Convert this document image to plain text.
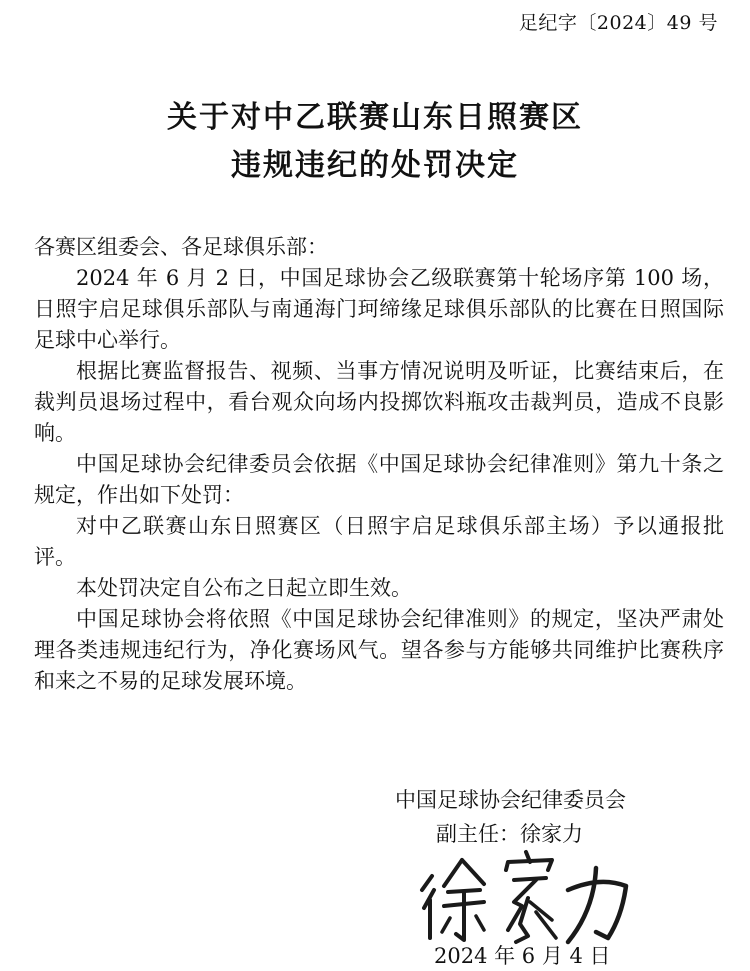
足纪字〔2024〕49 号
关于对中乙联赛山东日照赛区
违规违纪的处罚决定

各赛区组委会、各足球俱乐部：

2024 年 6 月 2 日，中国足球协会乙级联赛第十轮场序第 100 场，日照宇启足球俱乐部队与南通海门珂缔缘足球俱乐部队的比赛在日照国际足球中心举行。

根据比赛监督报告、视频、当事方情况说明及听证，比赛结束后，在裁判员退场过程中，看台观众向场内投掷饮料瓶攻击裁判员，造成不良影响。

中国足球协会纪律委员会依据《中国足球协会纪律准则》第九十条之规定，作出如下处罚：

对中乙联赛山东日照赛区（日照宇启足球俱乐部主场）予以通报批评。

本处罚决定自公布之日起立即生效。

中国足球协会将依照《中国足球协会纪律准则》的规定，坚决严肃处理各类违规违纪行为，净化赛场风气。望各参与方能够共同维护比赛秩序和来之不易的足球发展环境。

中国足球协会纪律委员会
副主任：徐家力
2024 年 6 月 4 日
